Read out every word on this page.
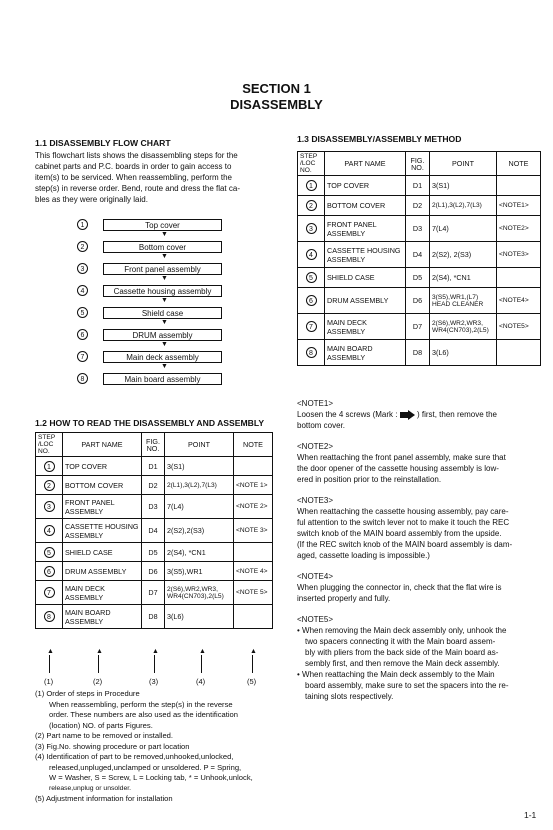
SECTION 1
DISASSEMBLY
1.1 DISASSEMBLY FLOW CHART

This flowchart lists shows the disassembling steps for the

cabinet parts and P.C. boards in order to gain access to

item(s) to be serviced. When reassembling, perform the

step(s) in reverse order. Bend, route and dress the flat ca-

bles as they were originally laid.

1	Top cover
▼
2	Bottom cover
▼
3	Front panel assembly
▼
4	Cassette housing assembly
▼
5	Shield case
▼
6	DRUM assembly
▼
7	Main deck assembly
▼
8	Main board assembly
1.2 HOW TO READ THE DISASSEMBLY AND ASSEMBLY
STEP
/LOC
NO.	PART NAME	FIG.
NO.	POINT	NOTE
1	TOP COVER	D1	3(S1)	
2	BOTTOM COVER	D2	2(L1),3(L2),7(L3)	<NOTE 1>
3	FRONT PANEL ASSEMBLY	D3	7(L4)	<NOTE 2>
4	CASSETTE HOUSING ASSEMBLY	D4	2(S2),2(S3)	<NOTE 3>
5	SHIELD CASE	D5	2(S4), *CN1	
6	DRUM ASSEMBLY	D6	3(S5),WR1	<NOTE 4>
7	MAIN DECK ASSEMBLY	D7	2(S6),WR2,WR3, WR4(CN703),2(L5)	<NOTE 5>
8	MAIN BOARD ASSEMBLY	D8	3(L6)	
▲
(1)
▲
(2)
▲
(3)
▲
(4)
▲
(5)
(1) Order of steps in Procedure
When reassembling, perform the step(s) in the reverse
order. These numbers are also used as the identification
(location) NO. of parts Figures.
(2) Part name to be removed or installed.
(3) Fig.No. showing procedure or part location
(4) Identification of part to be removed,unhooked,unlocked,
released,unpluged,unclamped or unsoldered. P = Spring,
W = Washer, S = Screw, L = Locking tab, * = Unhook,unlock,
release,unplug or unsolder.
(5) Adjustment information for installation
1.3 DISASSEMBLY/ASSEMBLY METHOD
STEP
/LOC
NO.	PART NAME	FIG.
NO.	POINT	NOTE
1	TOP COVER	D1	3(S1)	
2	BOTTOM COVER	D2	2(L1),3(L2),7(L3)	<NOTE1>
3	FRONT PANEL ASSEMBLY	D3	7(L4)	<NOTE2>
4	CASSETTE HOUSING ASSEMBLY	D4	2(S2), 2(S3)	<NOTE3>
5	SHIELD CASE	D5	2(S4), *CN1	
6	DRUM ASSEMBLY	D6	3(S5),WR1,(L7) HEAD CLEANER	<NOTE4>
7	MAIN DECK ASSEMBLY	D7	2(S6),WR2,WR3, WR4(CN703),2(L5)	<NOTE5>
8	MAIN BOARD ASSEMBLY	D8	3(L6)	

<NOTE1>

Loosen the 4 screws (Mark : ) first, then remove the

bottom cover.

<NOTE2>

When reattaching the front panel assembly, make sure that

the door opener of the cassette housing assembly is low-

ered in position prior to the reinstallation.

<NOTE3>

When reattaching the cassette housing assembly, pay care-

ful attention to the switch lever not to make it touch the REC

switch knob of the MAIN board assembly from the upside.

(If the REC switch knob of the MAIN board assembly is dam-

aged, cassette loading is impossible.)

<NOTE4>

When plugging the connector in, check that the flat wire is

inserted properly and fully.

<NOTE5>

• When removing the Main deck assembly only, unhook the

two spacers connecting it with the Main board assem-

bly with pliers from the back side of the Main board as-

sembly first, and then remove the Main deck assembly.

• When reattaching the Main deck assembly to the Main

board assembly, make sure to set the spacers into the re-

taining slots respectively.

1-1
